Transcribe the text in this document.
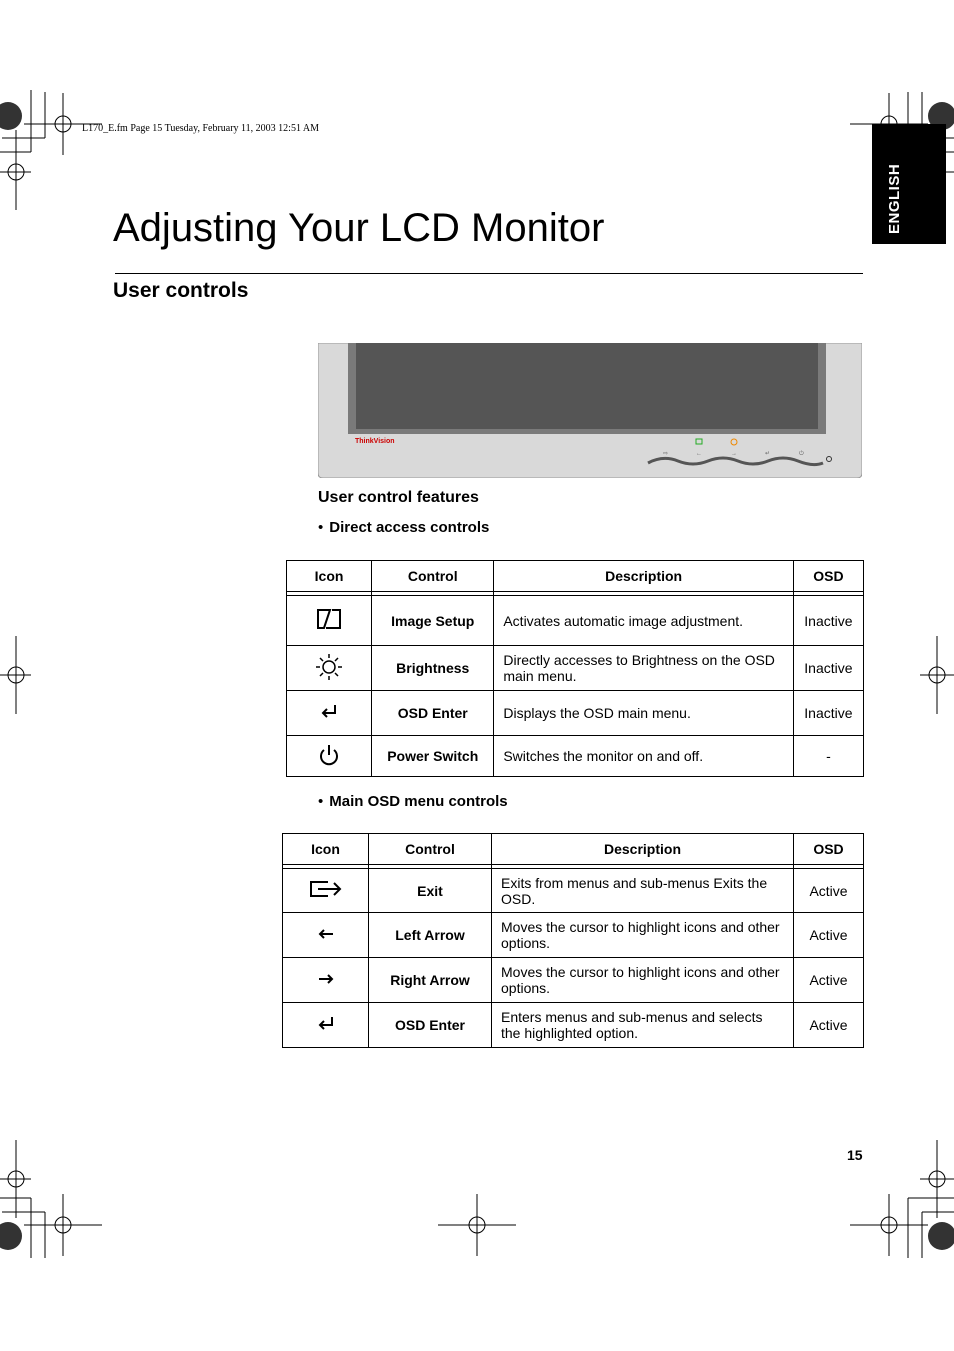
L170_E.fm Page 15 Tuesday, February 11, 2003 12:51 AM
ENGLISH
Adjusting Your LCD Monitor
User controls
ThinkVision
⇨	←	→	↵	⏻
User control features
• Direct access controls
Icon	Control	Description	OSD

	Image Setup	Activates automatic image adjustment.	Inactive
	Brightness	Directly accesses to Brightness on the OSD main menu.	Inactive
	OSD Enter	Displays the OSD main menu.	Inactive
	Power Switch	Switches the monitor on and off.	-
• Main OSD menu controls
Icon	Control	Description	OSD

	Exit	Exits from menus and sub-menus Exits the OSD.	Active
	Left Arrow	Moves the cursor to highlight icons and other options.	Active
	Right Arrow	Moves the cursor to highlight icons and other options.	Active
	OSD Enter	Enters menus and sub-menus and selects the highlighted option.	Active
15
